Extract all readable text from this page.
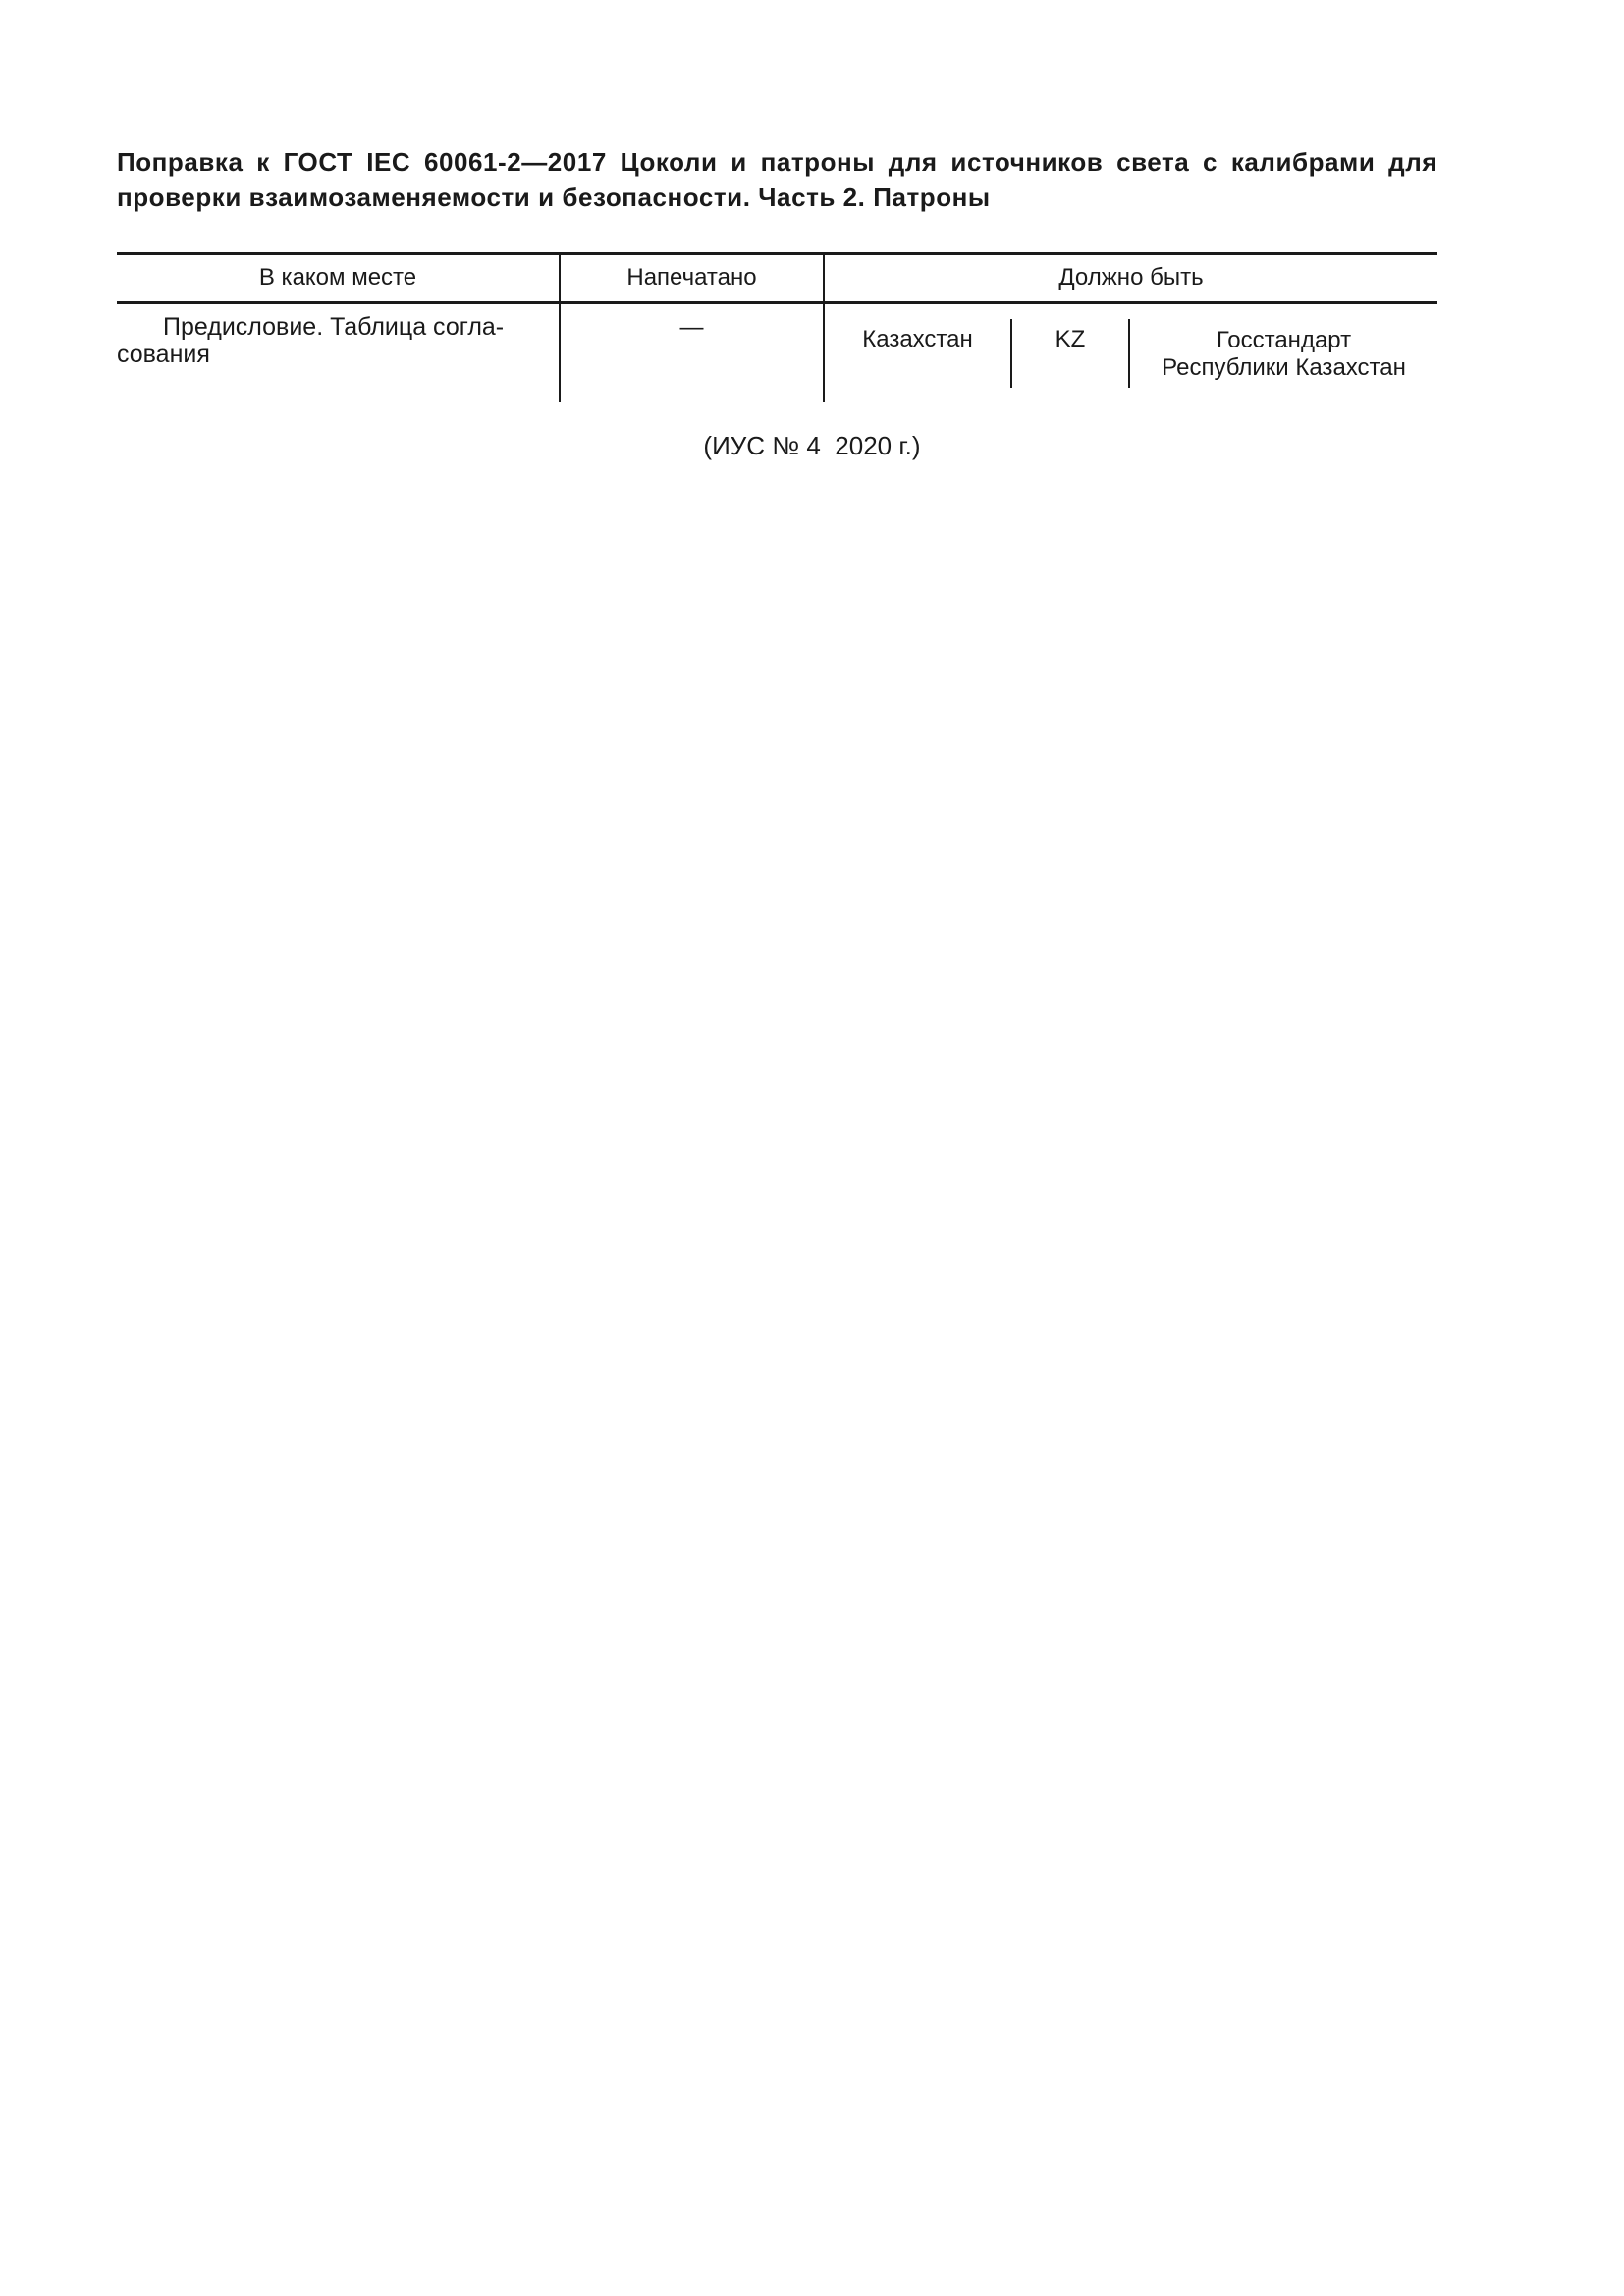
Поправка к ГОСТ IEC 60061-2—2017 Цоколи и патроны для источников света с калибрами для проверки взаимозаменяемости и безопасности. Часть 2. Патроны

В каком месте	Напечатано	Должно быть
Предисловие. Таблица согла-
сования
—	Казахстан	KZ	Госстандарт
Республики Казахстан
(ИУС № 4  2020 г.)
